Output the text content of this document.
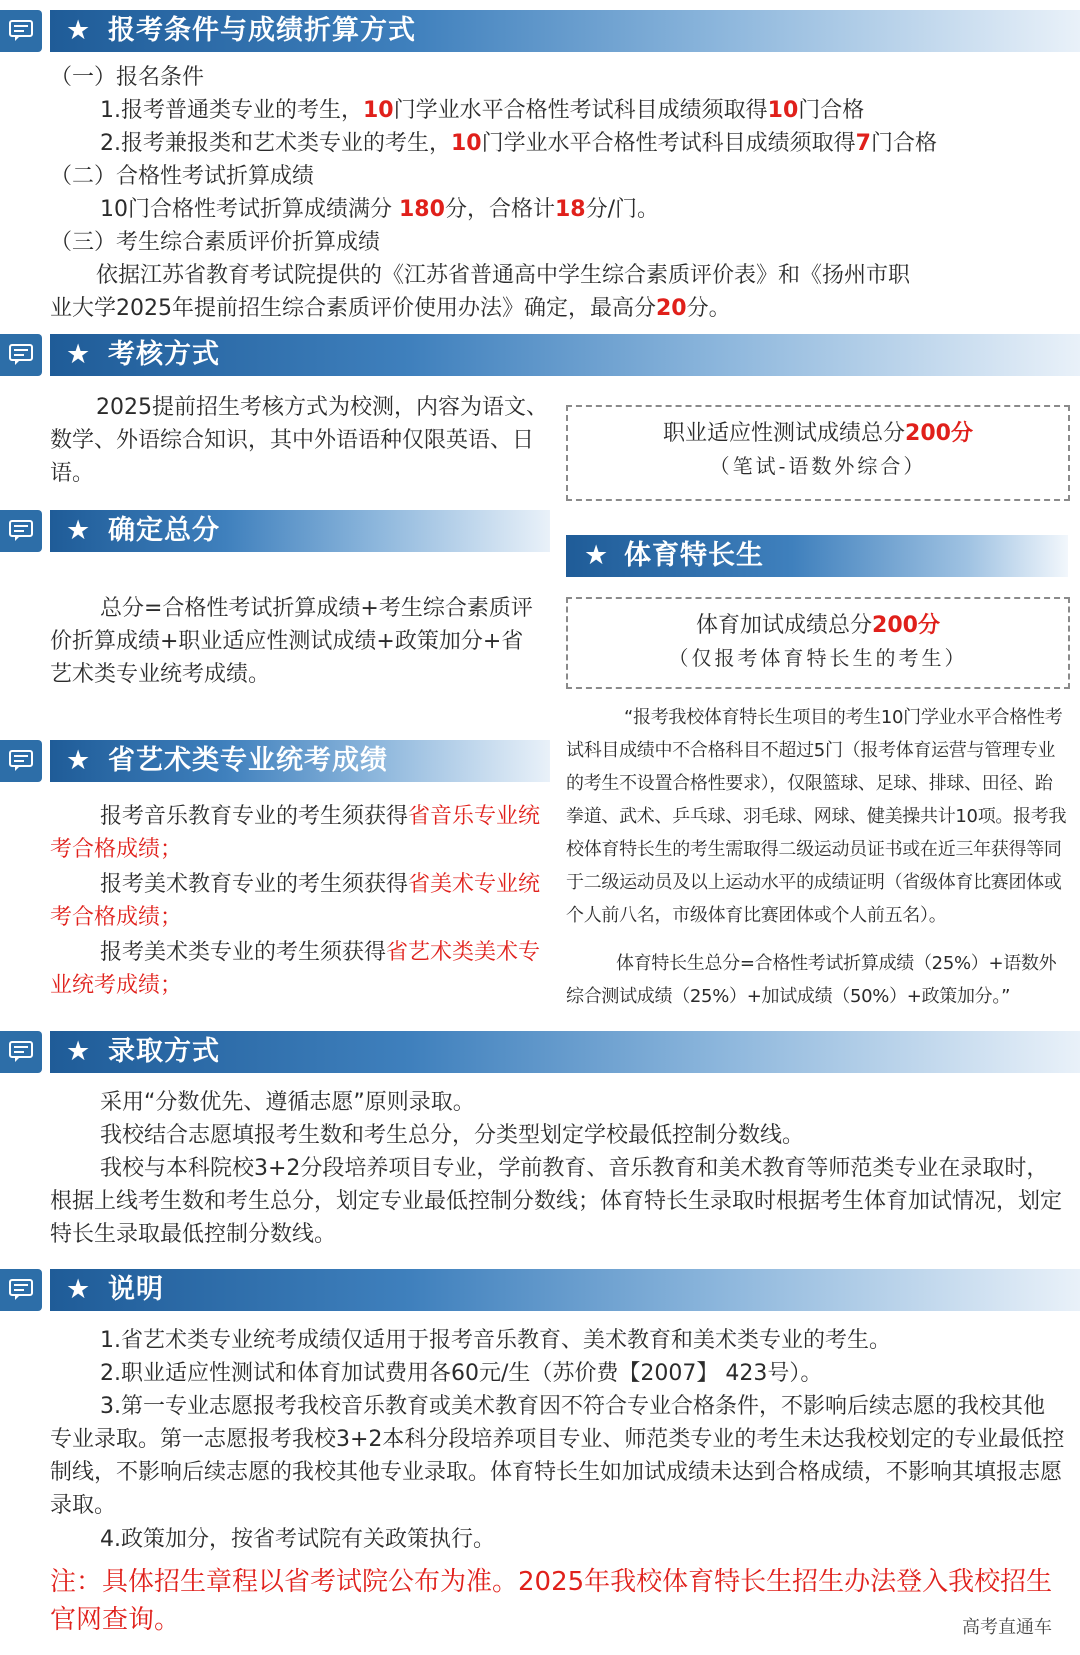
★ 报考条件与成绩折算方式

（一）报名条件

1.报考普通类专业的考生，10门学业水平合格性考试科目成绩须取得10门合格

2.报考兼报类和艺术类专业的考生，10门学业水平合格性考试科目成绩须取得7门合格

（二）合格性考试折算成绩

10门合格性考试折算成绩满分 180分，合格计18分/门。

（三）考生综合素质评价折算成绩

依据江苏省教育考试院提供的《江苏省普通高中学生综合素质评价表》和《扬州市职

业大学2025年提前招生综合素质评价使用办法》确定，最高分20分。

★ 考核方式

2025提前招生考核方式为校测，内容为语文、数学、外语综合知识，其中外语语种仅限英语、日语。

职业适应性测试成绩总分200分
（笔试-语数外综合）
★ 确定总分

总分=合格性考试折算成绩+考生综合素质评价折算成绩+职业适应性测试成绩+政策加分+省艺术类专业统考成绩。

★ 体育特长生
体育加试成绩总分200分
（仅报考体育特长生的考生）

“报考我校体育特长生项目的考生10门学业水平合格性考试科目成绩中不合格科目不超过5门（报考体育运营与管理专业的考生不设置合格性要求），仅限篮球、足球、排球、田径、跆拳道、武术、乒乓球、羽毛球、网球、健美操共计10项。报考我校体育特长生的考生需取得二级运动员证书或在近三年获得等同于二级运动员及以上运动水平的成绩证明（省级体育比赛团体或个人前八名，市级体育比赛团体或个人前五名）。

体育特长生总分=合格性考试折算成绩（25%）+语数外综合测试成绩（25%）+加试成绩（50%）+政策加分。”

★ 省艺术类专业统考成绩

报考音乐教育专业的考生须获得省音乐专业统考合格成绩；

报考美术教育专业的考生须获得省美术专业统考合格成绩；

报考美术类专业的考生须获得省艺术类美术专业统考成绩；

★ 录取方式

采用“分数优先、遵循志愿”原则录取。

我校结合志愿填报考生数和考生总分，分类型划定学校最低控制分数线。

我校与本科院校3+2分段培养项目专业，学前教育、音乐教育和美术教育等师范类专业在录取时，根据上线考生数和考生总分，划定专业最低控制分数线；体育特长生录取时根据考生体育加试情况，划定特长生录取最低控制分数线。

★ 说明

1.省艺术类专业统考成绩仅适用于报考音乐教育、美术教育和美术类专业的考生。

2.职业适应性测试和体育加试费用各60元/生（苏价费【2007】 423号）。

3.第一专业志愿报考我校音乐教育或美术教育因不符合专业合格条件，不影响后续志愿的我校其他专业录取。第一志愿报考我校3+2本科分段培养项目专业、师范类专业的考生未达我校划定的专业最低控制线，不影响后续志愿的我校其他专业录取。体育特长生如加试成绩未达到合格成绩，不影响其填报志愿录取。

4.政策加分，按省考试院有关政策执行。

注：具体招生章程以省考试院公布为准。2025年我校体育特长生招生办法登入我校招生官网查询。	高考直通车
